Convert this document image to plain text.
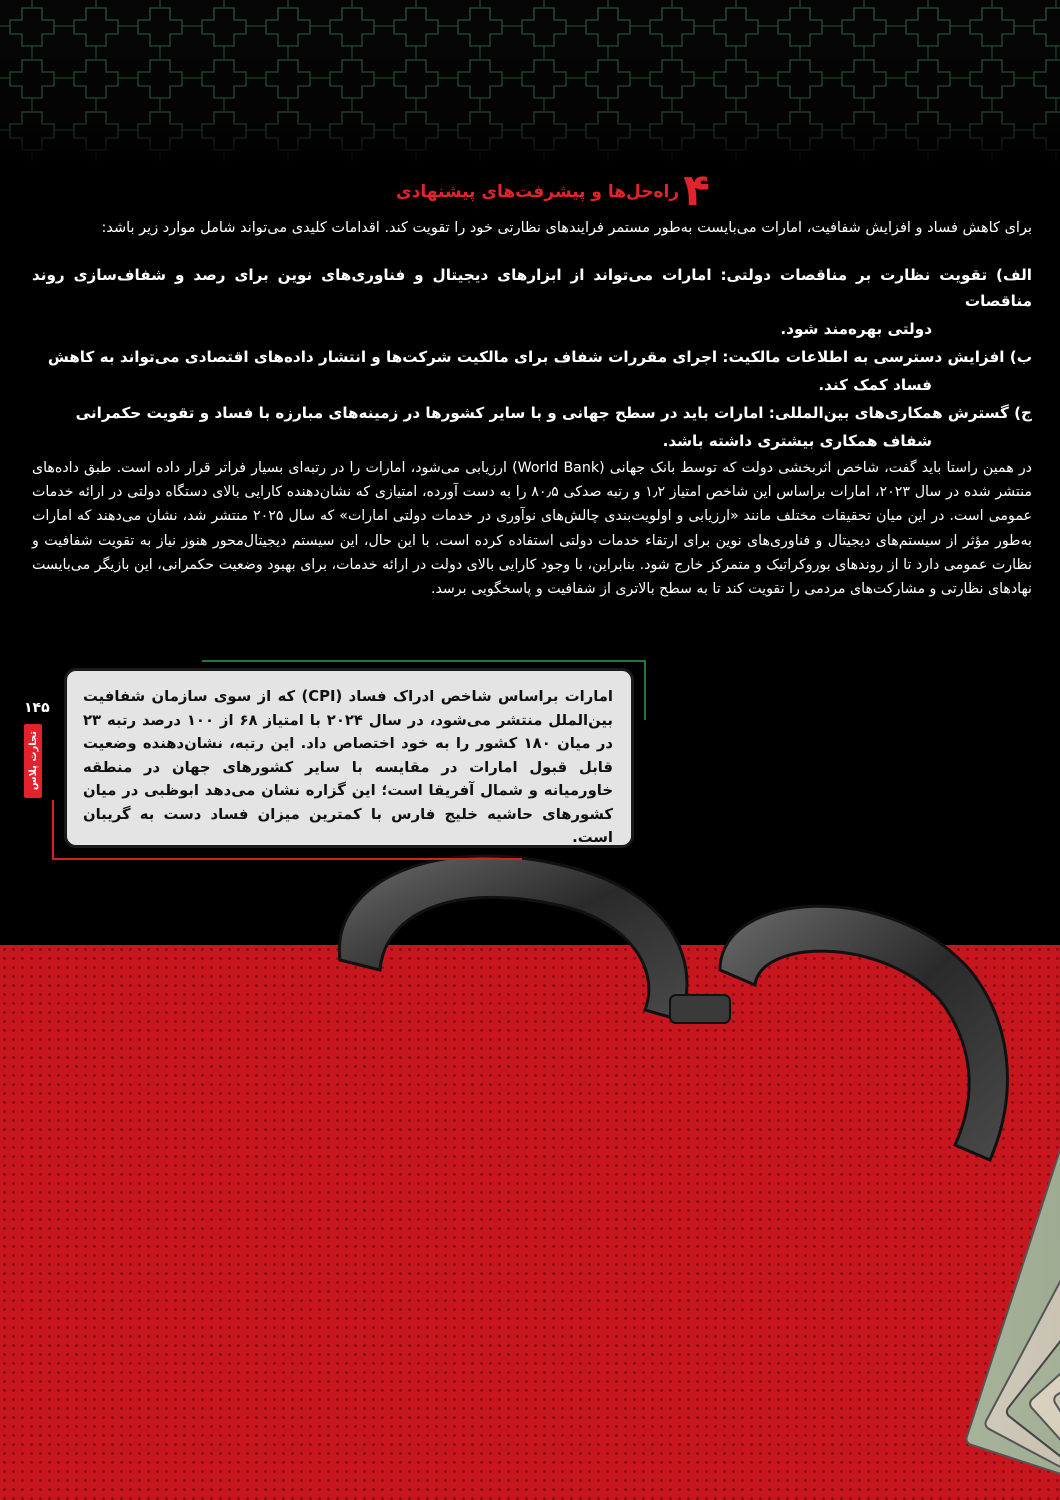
۴
راه‌حل‌ها و پیشرفت‌های پیشنهادی
برای کاهش فساد و افزایش شفافیت، امارات می‌بایست به‌طور مستمر فرایندهای نظارتی خود را تقویت کند. اقدامات کلیدی می‌تواند شامل موارد زیر باشد:

الف) تقویت نظارت بر مناقصات دولتی: امارات می‌تواند از ابزارهای دیجیتال و فناوری‌های نوین برای رصد و شفاف‌سازی روند مناقصات

دولتی بهره‌مند شود.

ب) افزایش دسترسی به اطلاعات مالکیت: اجرای مقررات شفاف برای مالکیت شرکت‌ها و انتشار داده‌های اقتصادی می‌تواند به کاهش

فساد کمک کند.

ج) گسترش همکاری‌های بین‌المللی: امارات باید در سطح جهانی و با سایر کشورها در زمینه‌های مبارزه با فساد و تقویت حکمرانی

شفاف همکاری بیشتری داشته باشد.

در همین راستا باید گفت، شاخص اثربخشی دولت که توسط بانک جهانی (World Bank) ارزیابی می‌شود، امارات را در رتبه‌ای بسیار فراتر قرار داده است. طبق داده‌های منتشر شده در سال ۲۰۲۳، امارات براساس این شاخص امتیاز ۱٫۲ و رتبه صدکی ۸۰٫۵ را به دست آورده، امتیازی که نشان‌دهنده کارایی بالای دستگاه دولتی در ارائه خدمات عمومی است. در این میان تحقیقات مختلف مانند «ارزیابی و اولویت‌بندی چالش‌های نوآوری در خدمات دولتی امارات» که سال ۲۰۲۵ منتشر شد، نشان می‌دهند که امارات به‌طور مؤثر از سیستم‌های دیجیتال و فناوری‌های نوین برای ارتقاء خدمات دولتی استفاده کرده است. با این حال، این سیستم دیجیتال‌محور هنوز نیاز به تقویت شفافیت و نظارت عمومی دارد تا از روندهای بوروکراتیک و متمرکز خارج شود. بنابراین، با وجود کارایی بالای دولت در ارائه خدمات، برای بهبود وضعیت حکمرانی، این بازیگر می‌بایست نهادهای نظارتی و مشارکت‌های مردمی را تقویت کند تا به سطح بالاتری از شفافیت و پاسخگویی برسد.

امارات براساس شاخص ادراک فساد (CPI) که از سوی سازمان شفافیت بین‌الملل منتشر می‌شود، در سال ۲۰۲۴ با امتیاز ۶۸ از ۱۰۰ درصد رتبه ۲۳ در میان ۱۸۰ کشور را به خود اختصاص داد. این رتبه، نشان‌دهنده وضعیت قابل قبول امارات در مقایسه با سایر کشورهای جهان در منطقه خاورمیانه و شمال آفریقا است؛ این گزاره نشان می‌دهد ابوظبی در میان کشورهای حاشیه خلیج فارس با کمترین میزان فساد دست به گریبان است.
۱۴۵
تجارت پلاس
